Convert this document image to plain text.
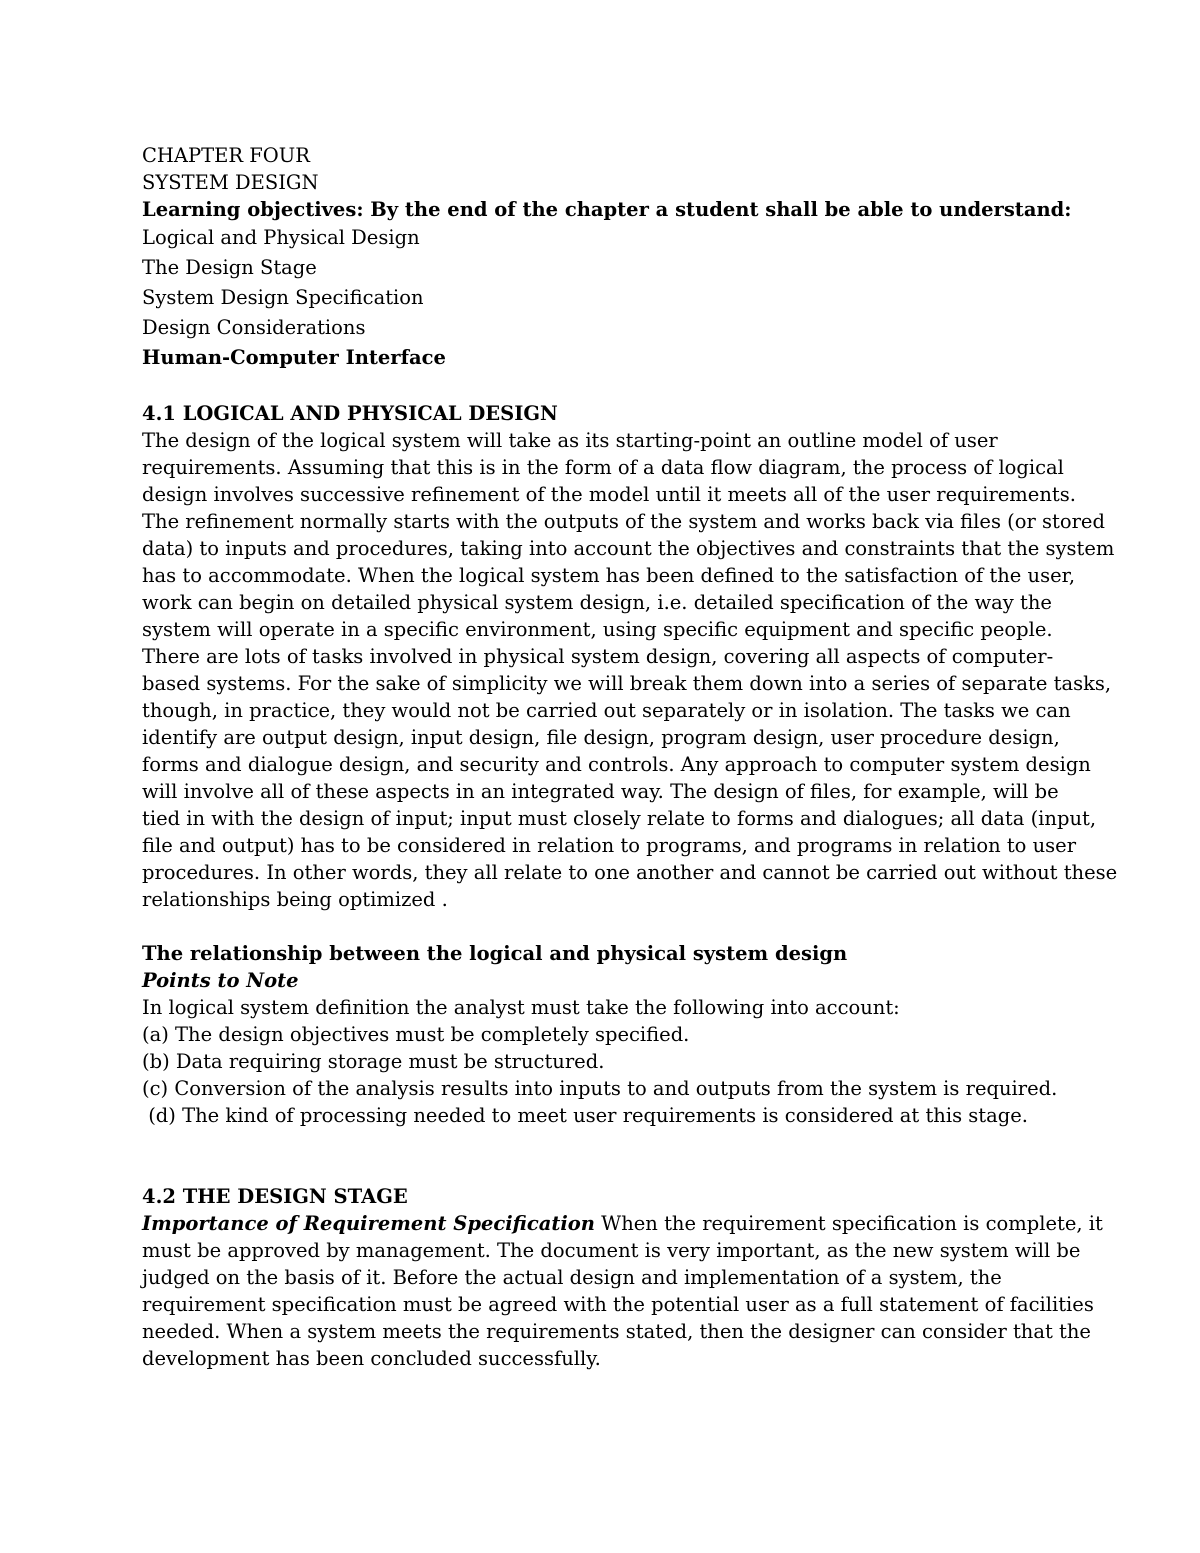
CHAPTER FOUR
SYSTEM DESIGN
Learning objectives: By the end of the chapter a student shall be able to understand:
Logical and Physical Design
The Design Stage
System Design Specification
Design Considerations
Human-Computer Interface
4.1 LOGICAL AND PHYSICAL DESIGN
The design of the logical system will take as its starting-point an outline model of user
requirements. Assuming that this is in the form of a data flow diagram, the process of logical
design involves successive refinement of the model until it meets all of the user requirements.
The refinement normally starts with the outputs of the system and works back via files (or stored
data) to inputs and procedures, taking into account the objectives and constraints that the system
has to accommodate. When the logical system has been defined to the satisfaction of the user,
work can begin on detailed physical system design, i.e. detailed specification of the way the
system will operate in a specific environment, using specific equipment and specific people.
There are lots of tasks involved in physical system design, covering all aspects of computer-
based systems. For the sake of simplicity we will break them down into a series of separate tasks,
though, in practice, they would not be carried out separately or in isolation. The tasks we can
identify are output design, input design, file design, program design, user procedure design,
forms and dialogue design, and security and controls. Any approach to computer system design
will involve all of these aspects in an integrated way. The design of files, for example, will be
tied in with the design of input; input must closely relate to forms and dialogues; all data (input,
file and output) has to be considered in relation to programs, and programs in relation to user
procedures. In other words, they all relate to one another and cannot be carried out without these
relationships being optimized .
The relationship between the logical and physical system design
Points to Note
In logical system definition the analyst must take the following into account:
(a) The design objectives must be completely specified.
(b) Data requiring storage must be structured.
(c) Conversion of the analysis results into inputs to and outputs from the system is required.
(d) The kind of processing needed to meet user requirements is considered at this stage.
4.2 THE DESIGN STAGE
Importance of Requirement Specification When the requirement specification is complete, it
must be approved by management. The document is very important, as the new system will be
judged on the basis of it. Before the actual design and implementation of a system, the
requirement specification must be agreed with the potential user as a full statement of facilities
needed. When a system meets the requirements stated, then the designer can consider that the
development has been concluded successfully.
